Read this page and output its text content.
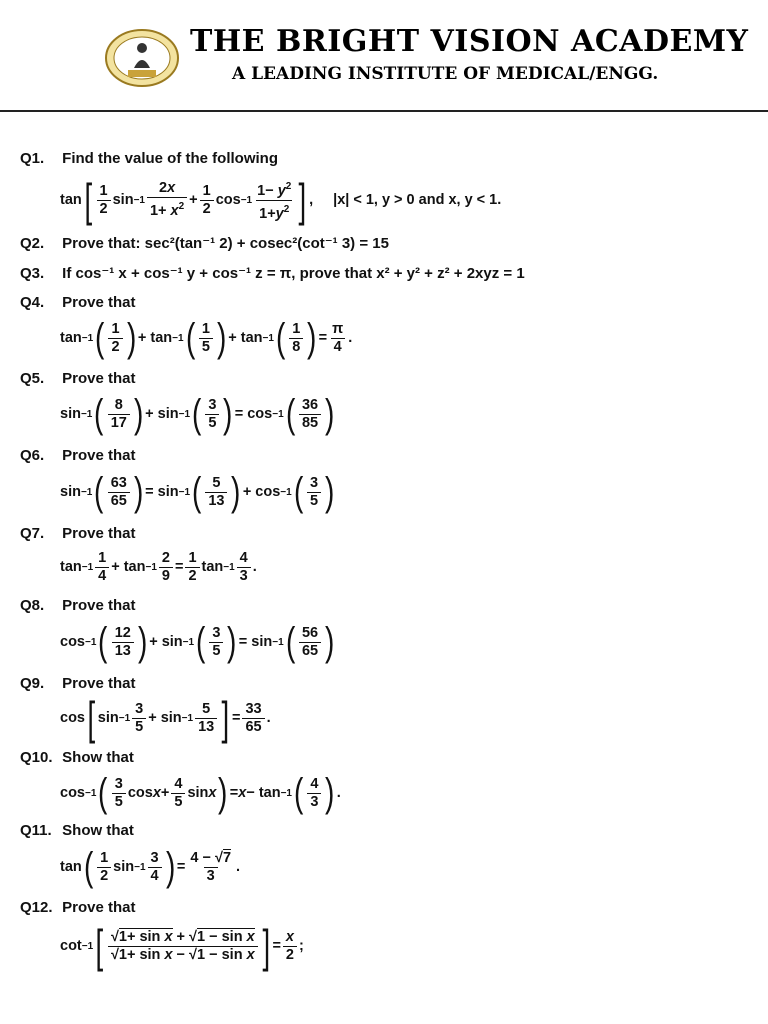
THE BRIGHT VISION ACADEMY
A LEADING INSTITUTE OF MEDICAL/ENGG.
Q1. Find the value of the following
tan [ $\frac{1}{2}$ $\sin -1 \frac{2x}{1+ x^2} + \frac{1}{2}$ $\cos -1 \frac{1- y^2}{1+y^2}$ ] , |x| < 1, y > 0 and x, y < 1.
Q2. Prove that: sec²(tan⁻¹ 2) + cosec²(cot⁻¹ 3) = 15
Q3. If cos⁻¹ x + cos⁻¹ y + cos⁻¹ z = π, prove that x² + y² + z² + 2xyz = 1
Q4. Prove that
tan −1 ( $\frac{1}{2}$ ) + tan −1 ( $\frac{1}{5}$ ) + tan −1 ( $\frac{1}{8}$ ) = $\frac{\pi}{4}$ .
Q5. Prove that
sin −1 ( $\frac{8}{17}$ ) + sin −1 ( $\frac{3}{5}$ ) = cos −1 ( $\frac{36}{85}$ )
Q6. Prove that
sin −1 ( $\frac{63}{65}$ ) = sin −1 ( $\frac{5}{13}$ ) + cos −1 ( $\frac{3}{5}$ )
Q7. Prove that
$\tan -1 \frac{1}{4} + \tan -1 \frac{2}{9} = \frac{1}{2}$ $\tan -1 \frac{4}{3}$ .
Q8. Prove that
cos −1 ( $\frac{12}{13}$ ) + sin −1 ( $\frac{3}{5}$ ) = sin −1 ( $\frac{56}{65}$ )
Q9. Prove that
cos [ $\sin -1 \frac{3}{5} + \sin -1 \frac{5}{13}$ ] = $\frac{33}{65}$ .
Q10. Show that
cos −1 ( $\frac{3}{5}$ $\cos x + \frac{4}{5}$ sin x ) = x − tan −1 ( $\frac{4}{3}$ ) .
Q11. Show that
tan ( $\frac{1}{2}$ $\sin -1 \frac{3}{4}$ ) = $\frac{4 - √7}{3}$ .
Q12. Prove that
cot −1 [ $\frac{\text{√1+ sin x + √1 − sin x}}{\text{√1+ sin x − √1 − sin x}}$ ] = $\frac{x}{2}$ ;
